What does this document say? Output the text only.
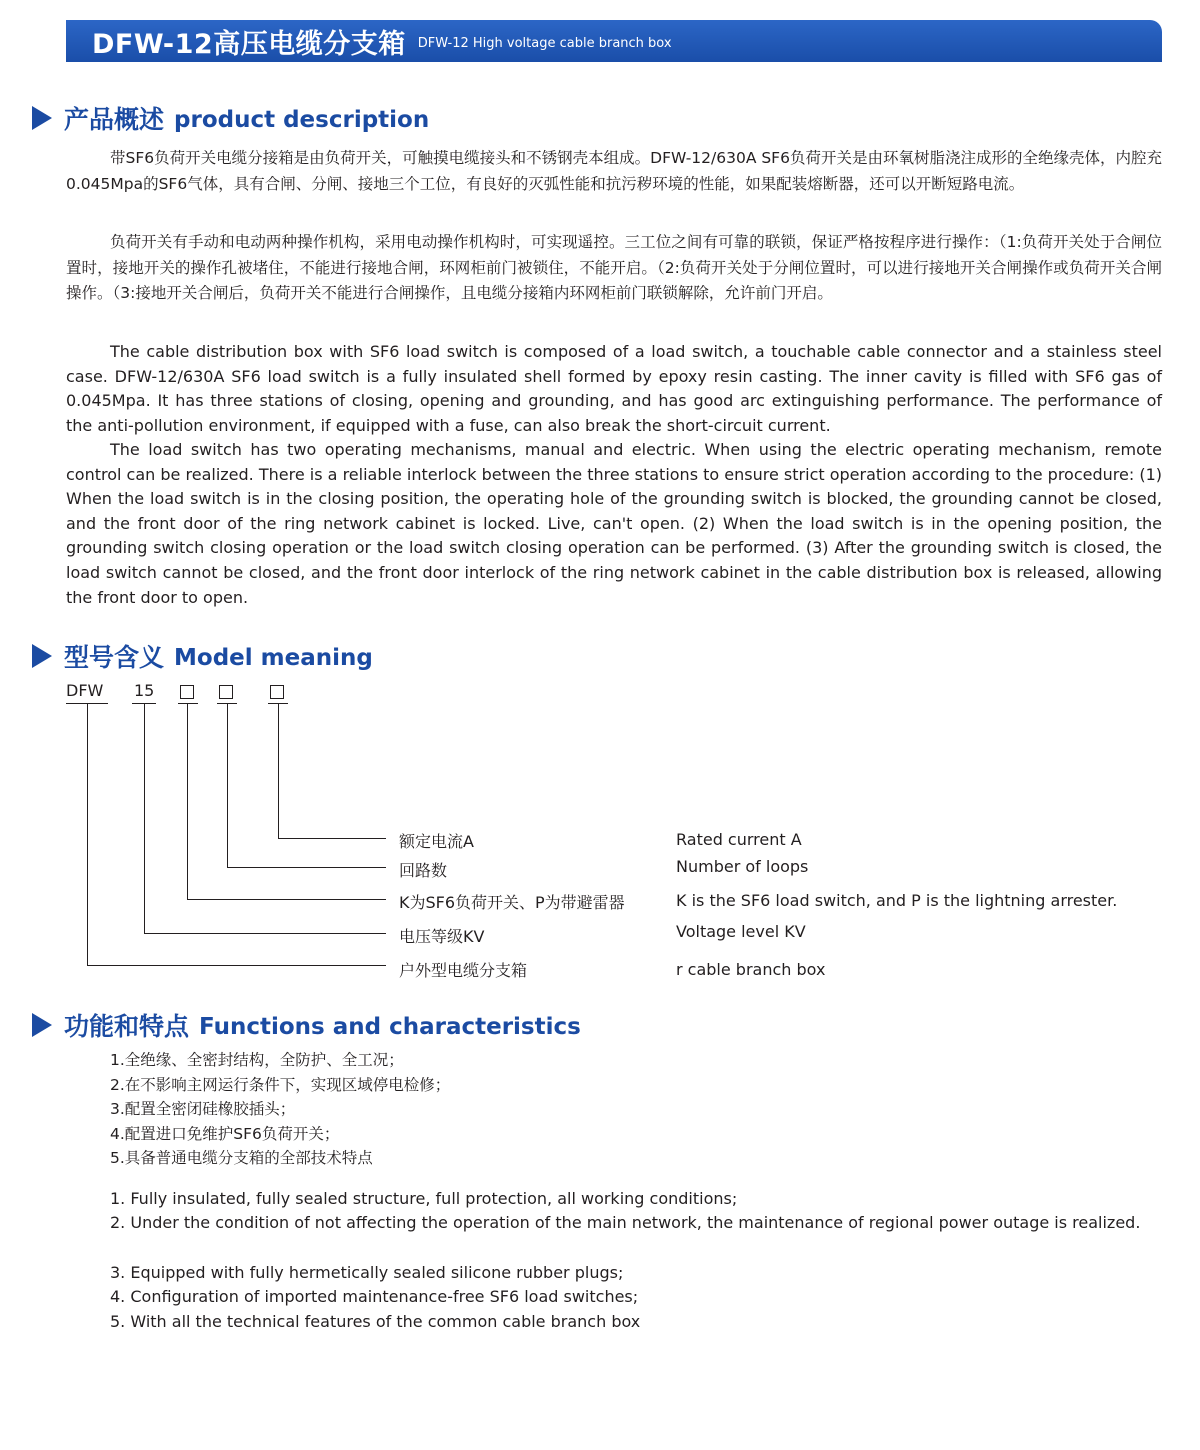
DFW-12高压电缆分支箱 DFW-12 High voltage cable branch box
产品概述 product description

带SF6负荷开关电缆分接箱是由负荷开关，可触摸电缆接头和不锈钢壳本组成。DFW-12/630A SF6负荷开关是由环氧树脂浇注成形的全绝缘壳体，内腔充0.045Mpa的SF6气体，具有合闸、分闸、接地三个工位，有良好的灭弧性能和抗污秽环境的性能，如果配装熔断器，还可以开断短路电流。

负荷开关有手动和电动两种操作机构，采用电动操作机构时，可实现遥控。三工位之间有可靠的联锁，保证严格按程序进行操作：（1:负荷开关处于合闸位置时，接地开关的操作孔被堵住，不能进行接地合闸，环网柜前门被锁住，不能开启。（2:负荷开关处于分闸位置时，可以进行接地开关合闸操作或负荷开关合闸操作。（3:接地开关合闸后，负荷开关不能进行合闸操作，且电缆分接箱内环网柜前门联锁解除，允许前门开启。

The cable distribution box with SF6 load switch is composed of a load switch, a touchable cable connector and a stainless steel case. DFW-12/630A SF6 load switch is a fully insulated shell formed by epoxy resin casting. The inner cavity is filled with SF6 gas of 0.045Mpa. It has three stations of closing, opening and grounding, and has good arc extinguishing performance. The performance of the anti-pollution environment, if equipped with a fuse, can also break the short-circuit current.

The load switch has two operating mechanisms, manual and electric. When using the electric operating mechanism, remote control can be realized. There is a reliable interlock between the three stations to ensure strict operation according to the procedure: (1) When the load switch is in the closing position, the operating hole of the grounding switch is blocked, the grounding cannot be closed, and the front door of the ring network cabinet is locked. Live, can't open. (2) When the load switch is in the opening position, the grounding switch closing operation or the load switch closing operation can be performed. (3) After the grounding switch is closed, the load switch cannot be closed, and the front door interlock of the ring network cabinet in the cable distribution box is released, allowing the front door to open.

型号含义 Model meaning
DFW 15
额定电流A	Rated current A
回路数	Number of loops
K为SF6负荷开关、P为带避雷器	K is the SF6 load switch, and P is the lightning arrester.
电压等级KV	Voltage level KV
户外型电缆分支箱	r cable branch box
功能和特点 Functions and characteristics
1.全绝缘、全密封结构，全防护、全工况；
2.在不影响主网运行条件下，实现区域停电检修；
3.配置全密闭硅橡胶插头；
4.配置进口免维护SF6负荷开关；
5.具备普通电缆分支箱的全部技术特点

1. Fully insulated, fully sealed structure, full protection, all working conditions;

2. Under the condition of not affecting the operation of the main network, the maintenance of regional power outage is realized.

3. Equipped with fully hermetically sealed silicone rubber plugs;

4. Configuration of imported maintenance-free SF6 load switches;

5. With all the technical features of the common cable branch box
